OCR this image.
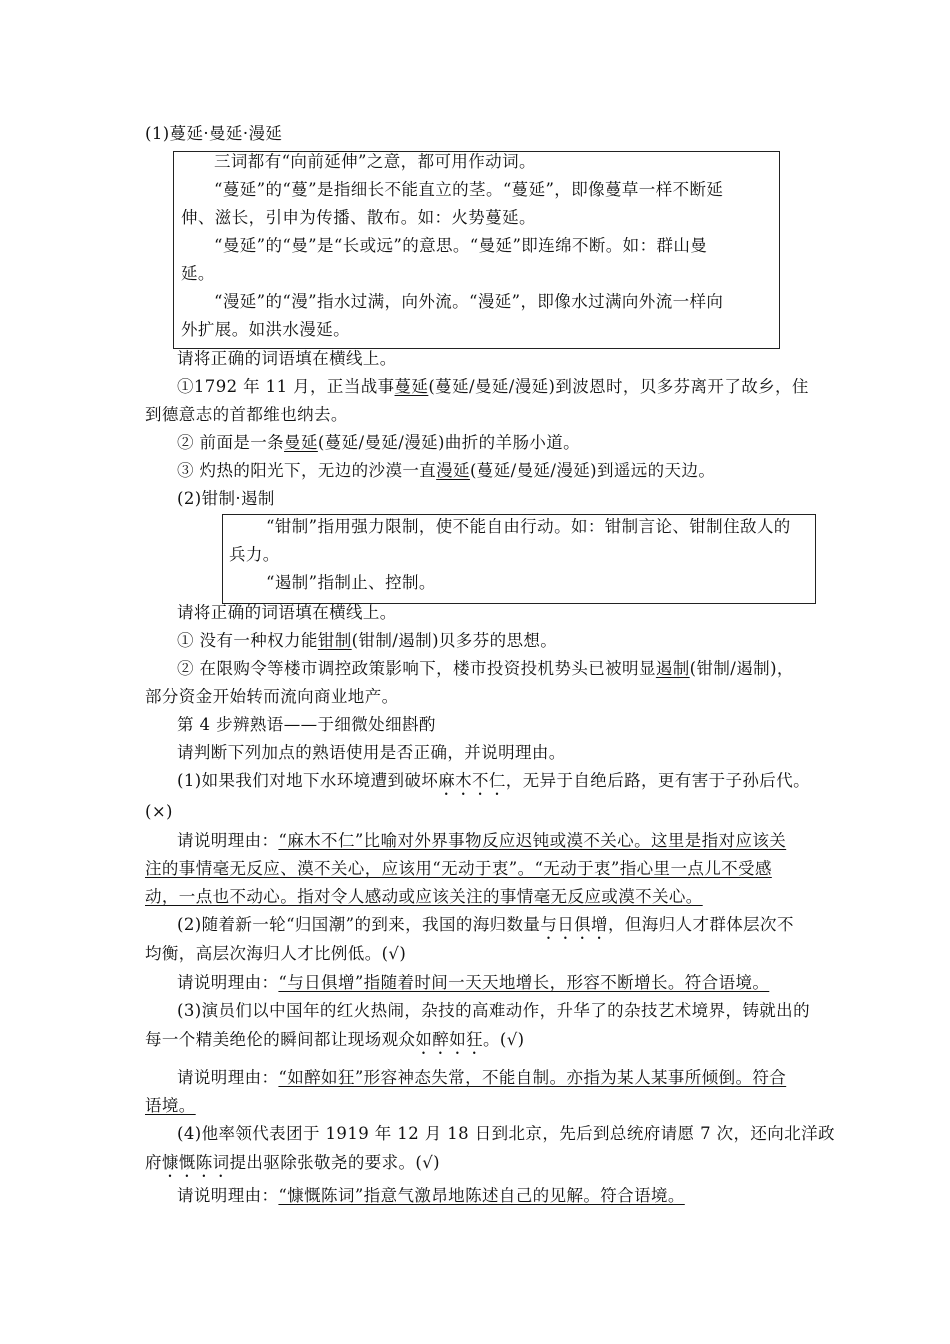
(1)蔓延·曼延·漫延
三词都有“向前延伸”之意，都可用作动词。
“蔓延”的“蔓”是指细长不能直立的茎。“蔓延”，即像蔓草一样不断延
伸、滋长，引申为传播、散布。如：火势蔓延。
“曼延”的“曼”是“长或远”的意思。“曼延”即连绵不断。如：群山曼
延。
“漫延”的“漫”指水过满，向外流。“漫延”，即像水过满向外流一样向
外扩展。如洪水漫延。
请将正确的词语填在横线上。
①1792 年 11 月，正当战事蔓延(蔓延/曼延/漫延)到波恩时，贝多芬离开了故乡，住
到德意志的首都维也纳去。
② 前面是一条曼延(蔓延/曼延/漫延)曲折的羊肠小道。
③ 灼热的阳光下，无边的沙漠一直漫延(蔓延/曼延/漫延)到遥远的天边。
(2)钳制·遏制
“钳制”指用强力限制，使不能自由行动。如：钳制言论、钳制住敌人的
兵力。
“遏制”指制止、控制。
请将正确的词语填在横线上。
① 没有一种权力能钳制(钳制/遏制)贝多芬的思想。
② 在限购令等楼市调控政策影响下，楼市投资投机势头已被明显遏制(钳制/遏制)，
部分资金开始转而流向商业地产。
第 4 步辨熟语——于细微处细斟酌
请判断下列加点的熟语使用是否正确，并说明理由。
(1)如果我们对地下水环境遭到破坏麻木不仁，无异于自绝后路，更有害于子孙后代。
(×)
请说明理由：“麻木不仁”比喻对外界事物反应迟钝或漠不关心。这里是指对应该关
注的事情毫无反应、漠不关心，应该用“无动于衷”。“无动于衷”指心里一点儿不受感
动，一点也不动心。指对令人感动或应该关注的事情毫无反应或漠不关心。
(2)随着新一轮“归国潮”的到来，我国的海归数量与日俱增，但海归人才群体层次不
均衡，高层次海归人才比例低。(√)
请说明理由：“与日俱增”指随着时间一天天地增长，形容不断增长。符合语境。
(3)演员们以中国年的红火热闹，杂技的高难动作，升华了的杂技艺术境界，铸就出的
每一个精美绝伦的瞬间都让现场观众如醉如狂。(√)
请说明理由：“如醉如狂”形容神态失常，不能自制。亦指为某人某事所倾倒。符合
语境。
(4)他率领代表团于 1919 年 12 月 18 日到北京，先后到总统府请愿 7 次，还向北洋政
府慷慨陈词提出驱除张敬尧的要求。(√)
请说明理由：“慷慨陈词”指意气激昂地陈述自己的见解。符合语境。
